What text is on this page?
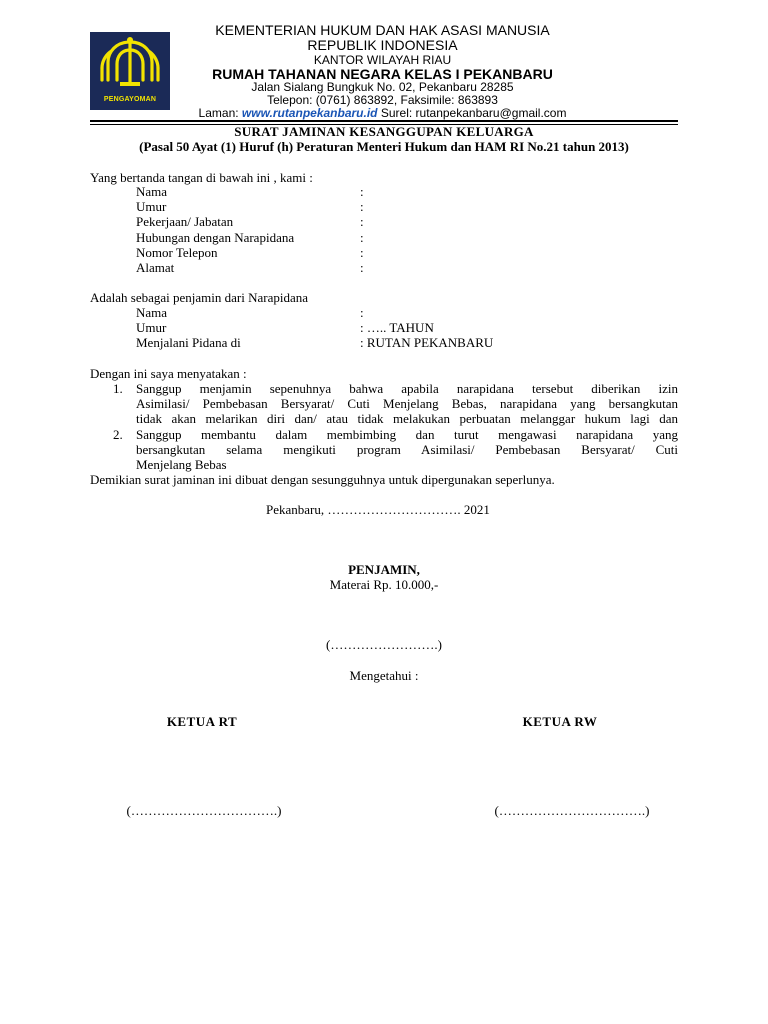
PENGAYOMAN
KEMENTERIAN HUKUM DAN HAK ASASI MANUSIA
REPUBLIK INDONESIA
KANTOR WILAYAH RIAU
RUMAH TAHANAN NEGARA KELAS I PEKANBARU
Jalan Sialang Bungkuk No. 02, Pekanbaru 28285
Telepon: (0761) 863892, Faksimile: 863893
Laman: www.rutanpekanbaru.id Surel: rutanpekanbaru@gmail.com
SURAT JAMINAN KESANGGUPAN KELUARGA
(Pasal 50 Ayat (1) Huruf (h) Peraturan Menteri Hukum dan HAM RI No.21 tahun 2013)
Yang bertanda tangan di bawah ini , kami :
Nama	:
Umur	:
Pekerjaan/ Jabatan	:
Hubungan dengan Narapidana	:
Nomor Telepon	:
Alamat	:
Adalah sebagai penjamin dari Narapidana
Nama	:
Umur	: ….. TAHUN
Menjalani Pidana di	: RUTAN PEKANBARU
Dengan ini saya menyatakan :
1. Sanggup menjamin sepenuhnya bahwa apabila narapidana tersebut diberikan izin
Asimilasi/ Pembebasan Bersyarat/ Cuti Menjelang Bebas, narapidana yang bersangkutan
tidak akan melarikan diri dan/ atau tidak melakukan perbuatan melanggar hukum lagi dan
2. Sanggup membantu dalam membimbing dan turut mengawasi narapidana yang
bersangkutan selama mengikuti program Asimilasi/ Pembebasan Bersyarat/ Cuti
Menjelang Bebas
Demikian surat jaminan ini dibuat dengan sesungguhnya untuk dipergunakan seperlunya.
Pekanbaru, …………………………. 2021
PENJAMIN,
Materai Rp. 10.000,-
(…………………….)
Mengetahui :
KETUA RT	KETUA RW
(…………………………….)	(…………………………….)
